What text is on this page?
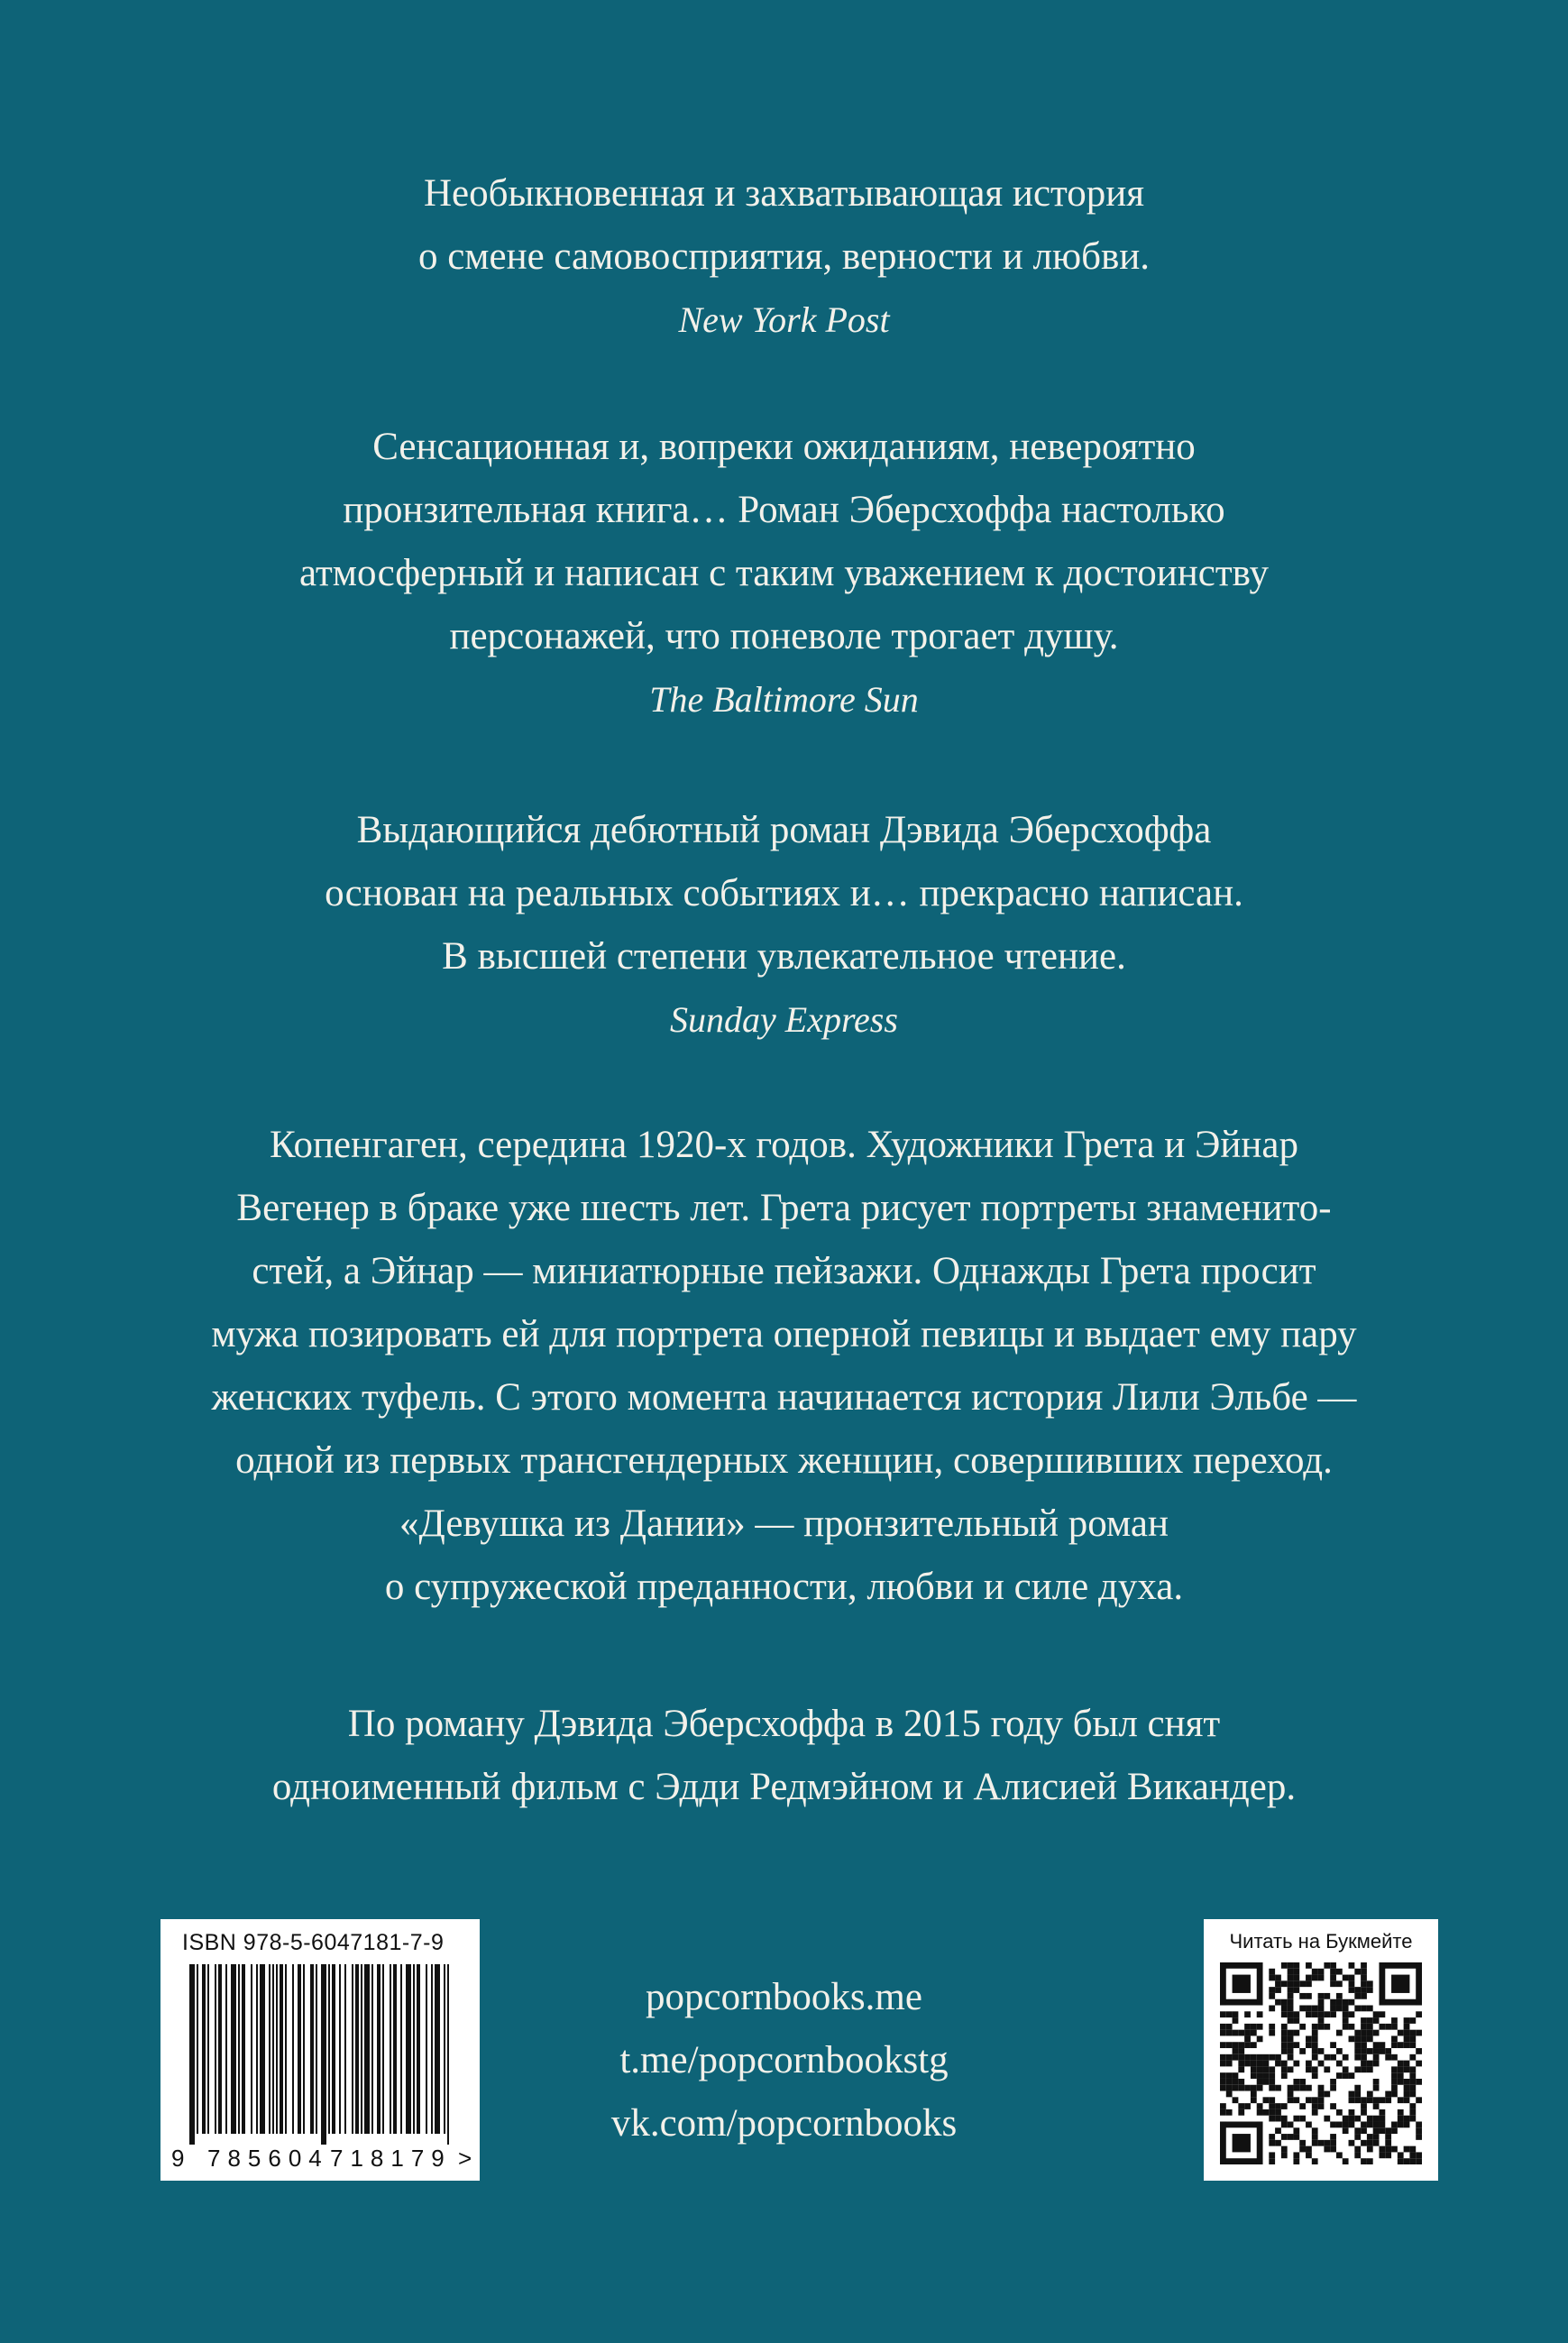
Необыкновенная и захватывающая история
о смене самовосприятия, верности и любви.
New York Post
Сенсационная и, вопреки ожиданиям, невероятно
пронзительная книга… Роман Эберсхоффа настолько
атмосферный и написан с таким уважением к достоинству
персонажей, что поневоле трогает душу.
The Baltimore Sun
Выдающийся дебютный роман Дэвида Эберсхоффа
основан на реальных событиях и… прекрасно написан.
В высшей степени увлекательное чтение.
Sunday Express
Копенгаген, середина 1920-х годов. Художники Грета и Эйнар
Вегенер в браке уже шесть лет. Грета рисует портреты знаменито-
стей, а Эйнар — миниатюрные пейзажи. Однажды Грета просит
мужа позировать ей для портрета оперной певицы и выдает ему пару
женских туфель. С этого момента начинается история Лили Эльбе —
одной из первых трансгендерных женщин, совершивших переход.
«Девушка из Дании» — пронзительный роман
о супружеской преданности, любви и силе духа.
По роману Дэвида Эберсхоффа в 2015 году был снят
одноименный фильм с Эдди Редмэйном и Алисией Викандер.
ISBN 978-5-6047181-7-9
9 785604 718179 >
popcornbooks.me
t.me/popcornbookstg
vk.com/popcornbooks
Читать на Букмейте
